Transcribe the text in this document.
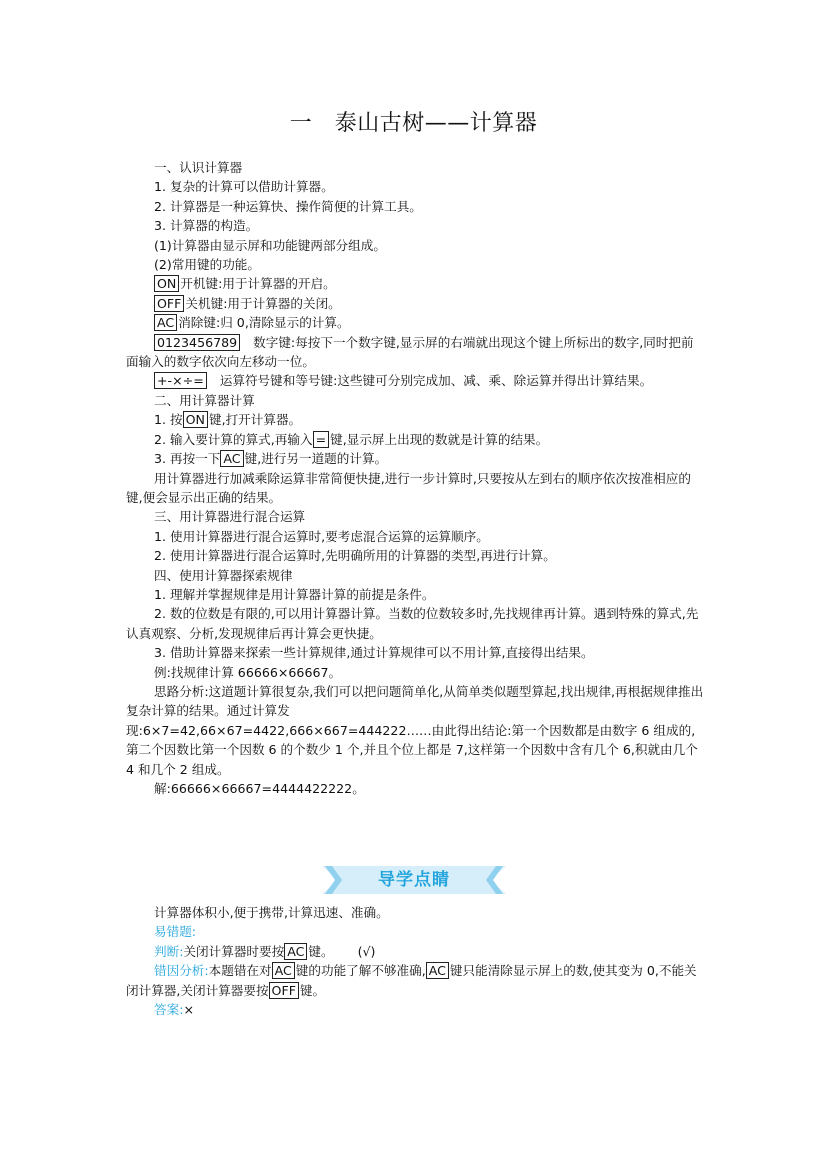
一　泰山古树——计算器

一、认识计算器

1. 复杂的计算可以借助计算器。

2. 计算器是一种运算快、操作简便的计算工具。

3. 计算器的构造。

(1)计算器由显示屏和功能键两部分组成。

(2)常用键的功能。

ON 开机键:用于计算器的开启。

OFF 关机键:用于计算器的关闭。

AC 消除键:归 0,清除显示的计算。

0123456789 数字键:每按下一个数字键,显示屏的右端就出现这个键上所标出的数字,同时把前面输入的数字依次向左移动一位。

+-×÷= 运算符号键和等号键:这些键可分别完成加、减、乘、除运算并得出计算结果。

二、用计算器计算

1. 按 ON 键,打开计算器。

2. 输入要计算的算式,再输入 = 键,显示屏上出现的数就是计算的结果。

3. 再按一下 AC 键,进行另一道题的计算。

用计算器进行加减乘除运算非常简便快捷,进行一步计算时,只要按从左到右的顺序依次按准相应的键,便会显示出正确的结果。

三、用计算器进行混合运算

1. 使用计算器进行混合运算时,要考虑混合运算的运算顺序。

2. 使用计算器进行混合运算时,先明确所用的计算器的类型,再进行计算。

四、使用计算器探索规律

1. 理解并掌握规律是用计算器计算的前提是条件。

2. 数的位数是有限的,可以用计算器计算。当数的位数较多时,先找规律再计算。遇到特殊的算式,先认真观察、分析,发现规律后再计算会更快捷。

3. 借助计算器来探索一些计算规律,通过计算规律可以不用计算,直接得出结果。

例:找规律计算 66666×66667。

思路分析:这道题计算很复杂,我们可以把问题简单化,从简单类似题型算起,找出规律,再根据规律推出复杂计算的结果。通过计算发

现:6×7=42,66×67=4422,666×667=444222……由此得出结论:第一个因数都是由数字 6 组成的,第二个因数比第一个因数 6 的个数少 1 个,并且个位上都是 7,这样第一个因数中含有几个 6,积就由几个 4 和几个 2 组成。

解:66666×66667=4444422222。

导学点睛

计算器体积小,便于携带,计算迅速、准确。

易错题:

判断:关闭计算器时要按 AC 键。 (√)

错因分析:本题错在对 AC 键的功能了解不够准确, AC 键只能清除显示屏上的数,使其变为 0,不能关闭计算器,关闭计算器要按 OFF 键。

答案:×
